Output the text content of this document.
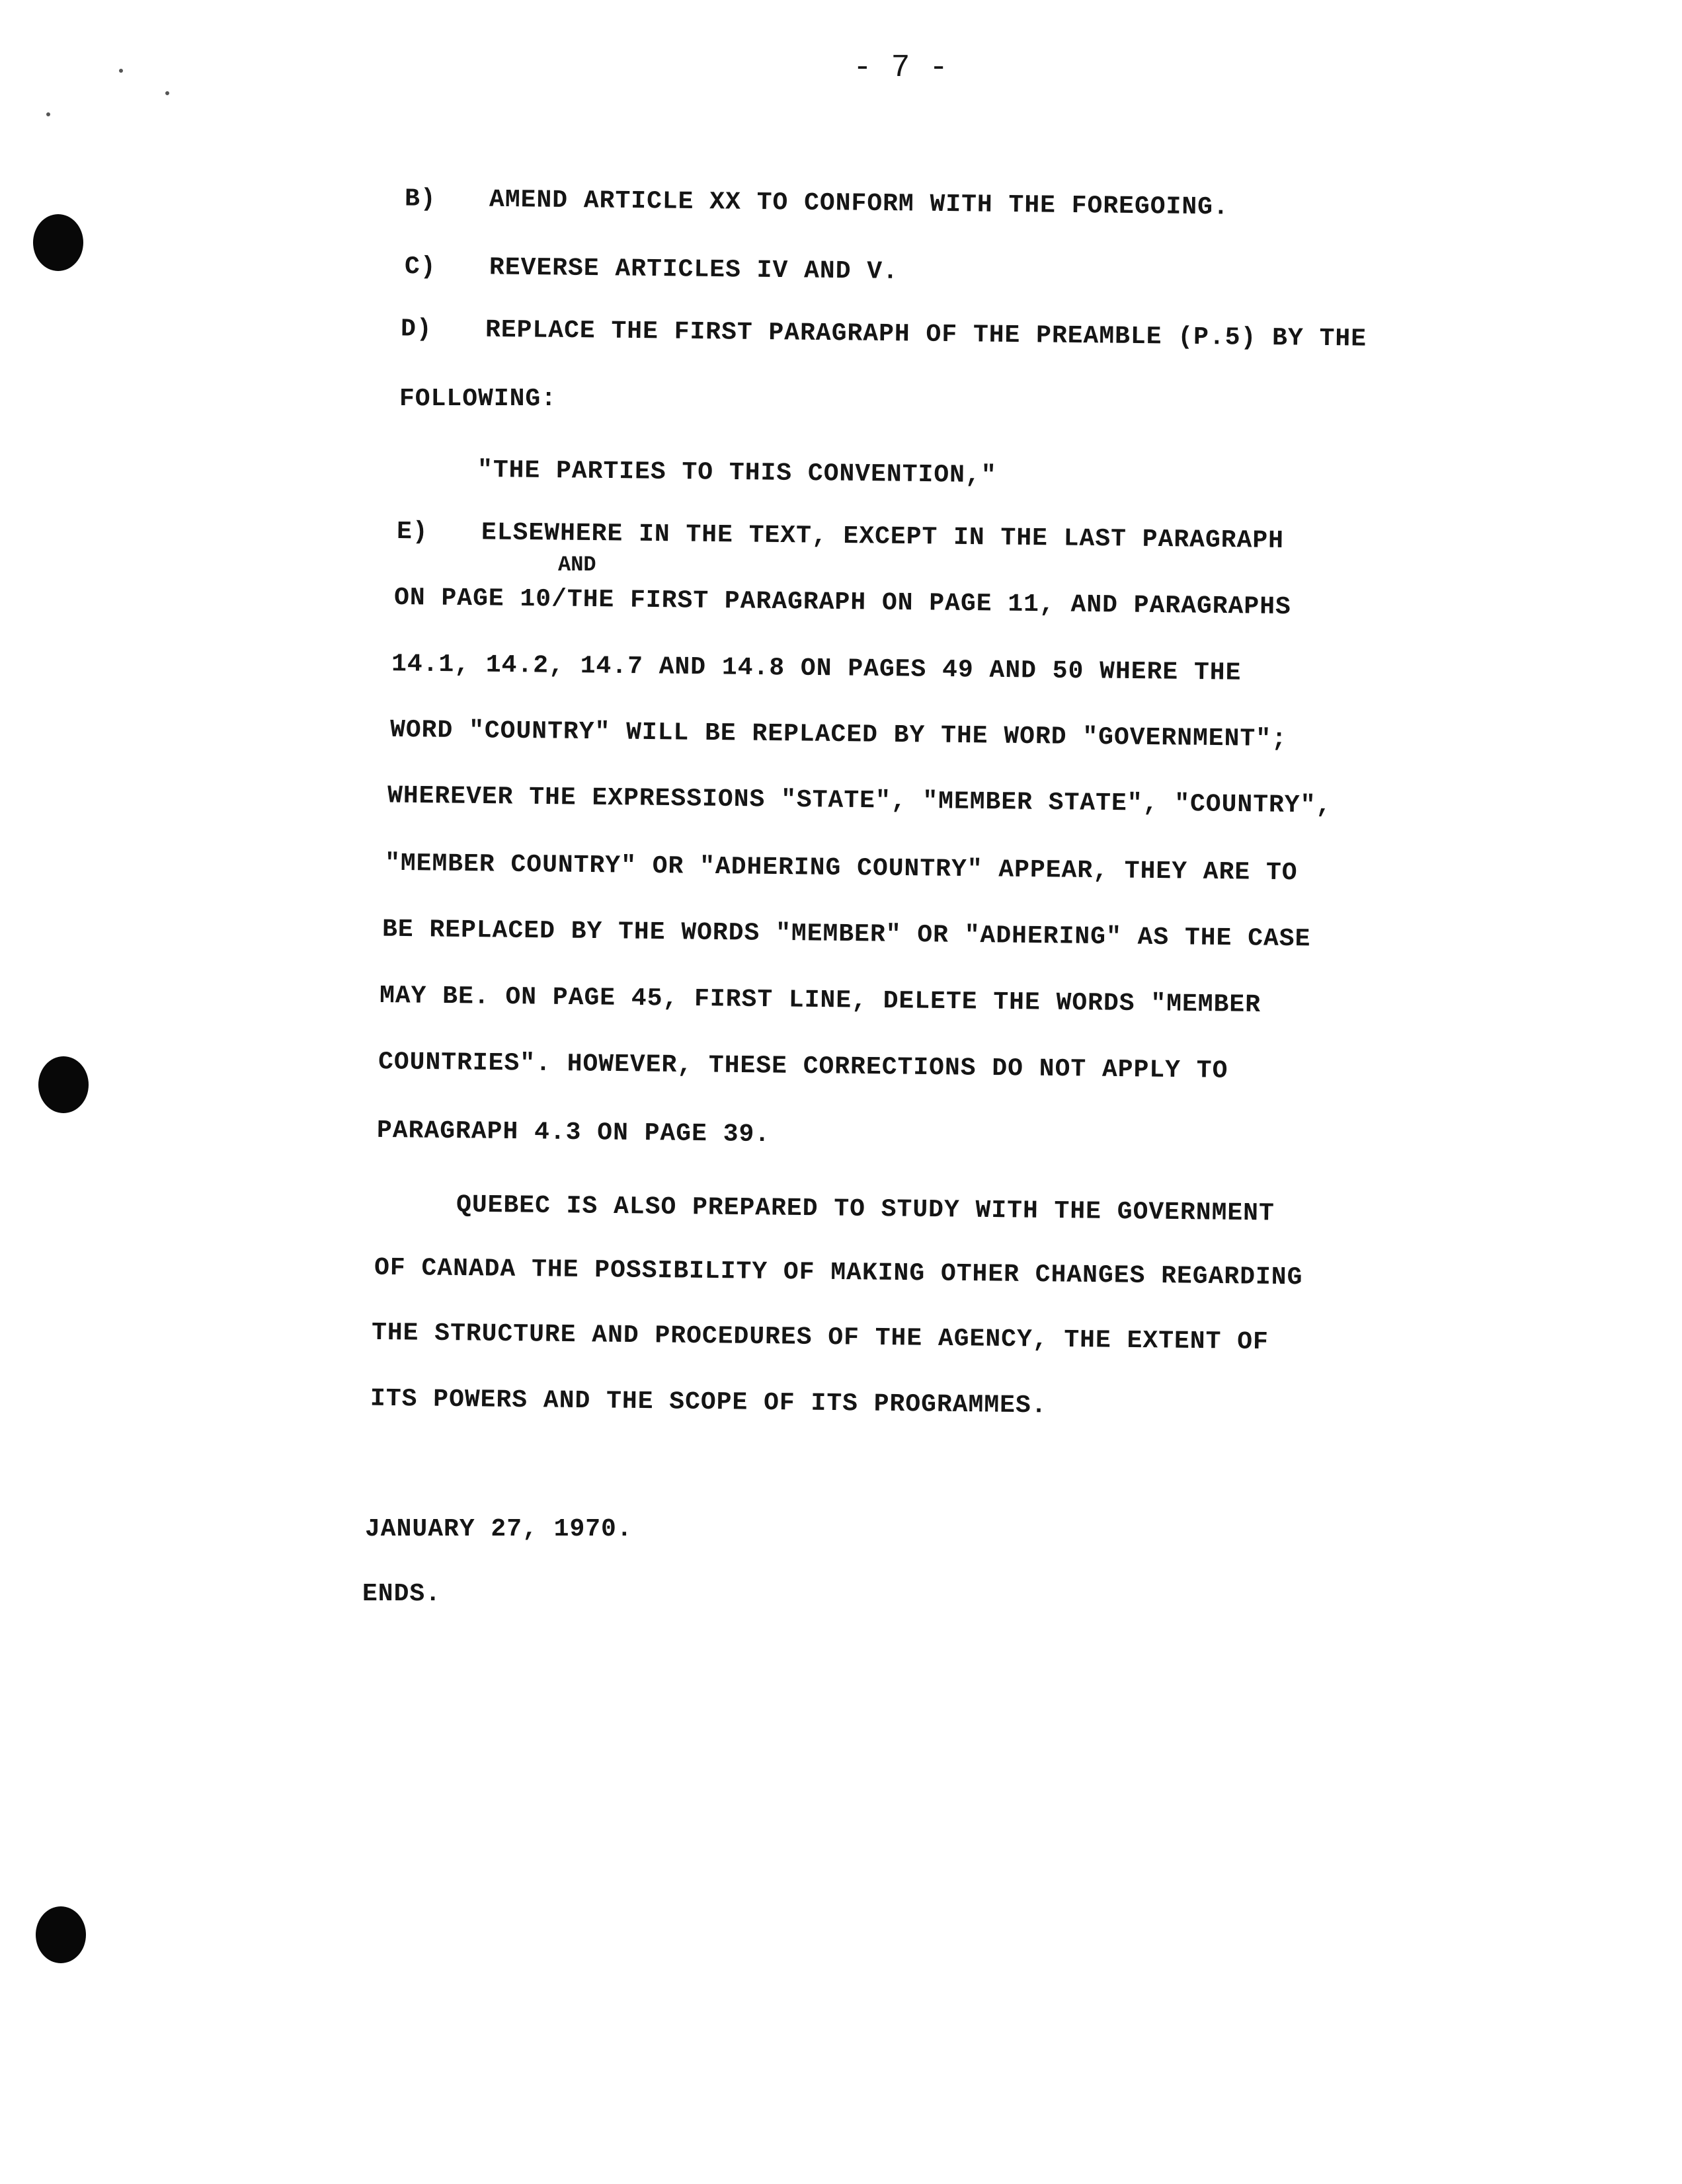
- 7 -
B) AMEND ARTICLE XX TO CONFORM WITH THE FOREGOING.
C) REVERSE ARTICLES IV AND V.
D) REPLACE THE FIRST PARAGRAPH OF THE PREAMBLE (P.5) BY THE
FOLLOWING:
"THE PARTIES TO THIS CONVENTION,"
E) ELSEWHERE IN THE TEXT, EXCEPT IN THE LAST PARAGRAPH
AND
ON PAGE 10/THE FIRST PARAGRAPH ON PAGE 11, AND PARAGRAPHS
14.1, 14.2, 14.7 AND 14.8 ON PAGES 49 AND 50 WHERE THE
WORD "COUNTRY" WILL BE REPLACED BY THE WORD "GOVERNMENT";
WHEREVER THE EXPRESSIONS "STATE", "MEMBER STATE", "COUNTRY",
"MEMBER COUNTRY" OR "ADHERING COUNTRY" APPEAR, THEY ARE TO
BE REPLACED BY THE WORDS "MEMBER" OR "ADHERING" AS THE CASE
MAY BE. ON PAGE 45, FIRST LINE, DELETE THE WORDS "MEMBER
COUNTRIES". HOWEVER, THESE CORRECTIONS DO NOT APPLY TO
PARAGRAPH 4.3 ON PAGE 39.
QUEBEC IS ALSO PREPARED TO STUDY WITH THE GOVERNMENT
OF CANADA THE POSSIBILITY OF MAKING OTHER CHANGES REGARDING
THE STRUCTURE AND PROCEDURES OF THE AGENCY, THE EXTENT OF
ITS POWERS AND THE SCOPE OF ITS PROGRAMMES.
JANUARY 27, 1970.
ENDS.
